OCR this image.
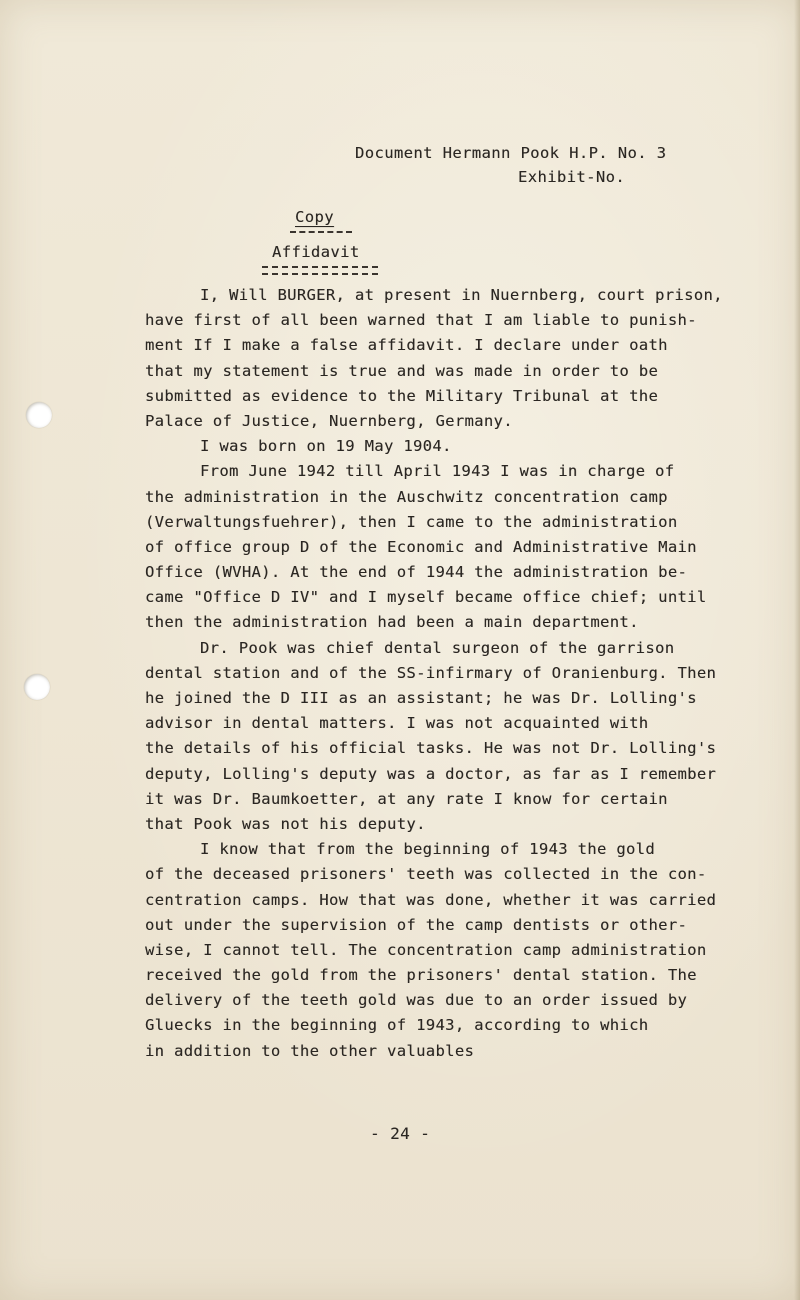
Document Hermann Pook H.P. No. 3
Exhibit-No.
Copy
Affidavit
I, Will BURGER, at present in Nuernberg, court prison,
have first of all been warned that I am liable to punish-
ment If I make a false affidavit. I declare under oath
that my statement is true and was made in order to be
submitted as evidence to the Military Tribunal at the
Palace of Justice, Nuernberg, Germany.
I was born on 19 May 1904.
From June 1942 till April 1943 I was in charge of
the administration in the Auschwitz concentration camp
(Verwaltungsfuehrer), then I came to the administration
of office group D of the Economic and Administrative Main
Office (WVHA). At the end of 1944 the administration be-
came "Office D IV" and I myself became office chief; until
then the administration had been a main department.
Dr. Pook was chief dental surgeon of the garrison
dental station and of the SS-infirmary of Oranienburg. Then
he joined the D III as an assistant; he was Dr. Lolling's
advisor in dental matters. I was not acquainted with
the details of his official tasks. He was not Dr. Lolling's
deputy, Lolling's deputy was a doctor, as far as I remember
it was Dr. Baumkoetter, at any rate I know for certain
that Pook was not his deputy.
I know that from the beginning of 1943 the gold
of the deceased prisoners' teeth was collected in the con-
centration camps. How that was done, whether it was carried
out under the supervision of the camp dentists or other-
wise, I cannot tell. The concentration camp administration
received the gold from the prisoners' dental station. The
delivery of the teeth gold was due to an order issued by
Gluecks in the beginning of 1943, according to which
in addition to the other valuables
- 24 -
